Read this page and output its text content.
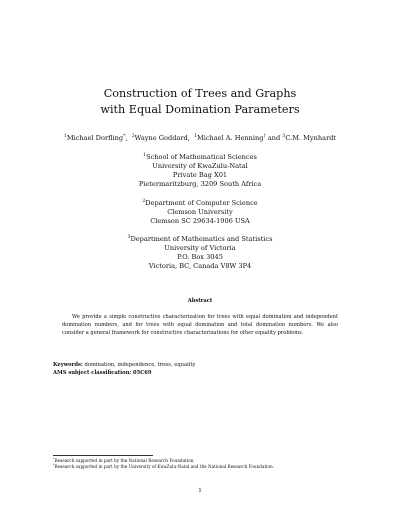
Construction of Trees and Graphs
with Equal Domination Parameters
$^1$Michael Dorfling*,  $^2$Wayne Goddard,  $^1$Michael A. Henning† and $^3$C.M. Mynhardt
$^1$School of Mathematical Sciences
University of KwaZulu-Natal
Private Bag X01
Pietermaritzburg, 3209 South Africa
$^2$Department of Computer Science
Clemson University
Clemson SC 29634-1906 USA
$^3$Department of Mathematics and Statistics
University of Victoria
P.O. Box 3045
Victoria, BC, Canada V8W 3P4
Abstract
We provide a simple constructive characterization for trees with equal domination and independent domination numbers, and for trees with equal domination and total domination numbers. We also consider a general framework for constructive characterizations for other equality problems.
Keywords: domination, independence, trees, equality
AMS subject classification: 05C69
*Research supported in part by the National Research Foundation.
†Research supported in part by the University of KwaZulu-Natal and the National Research Foundation.
1
